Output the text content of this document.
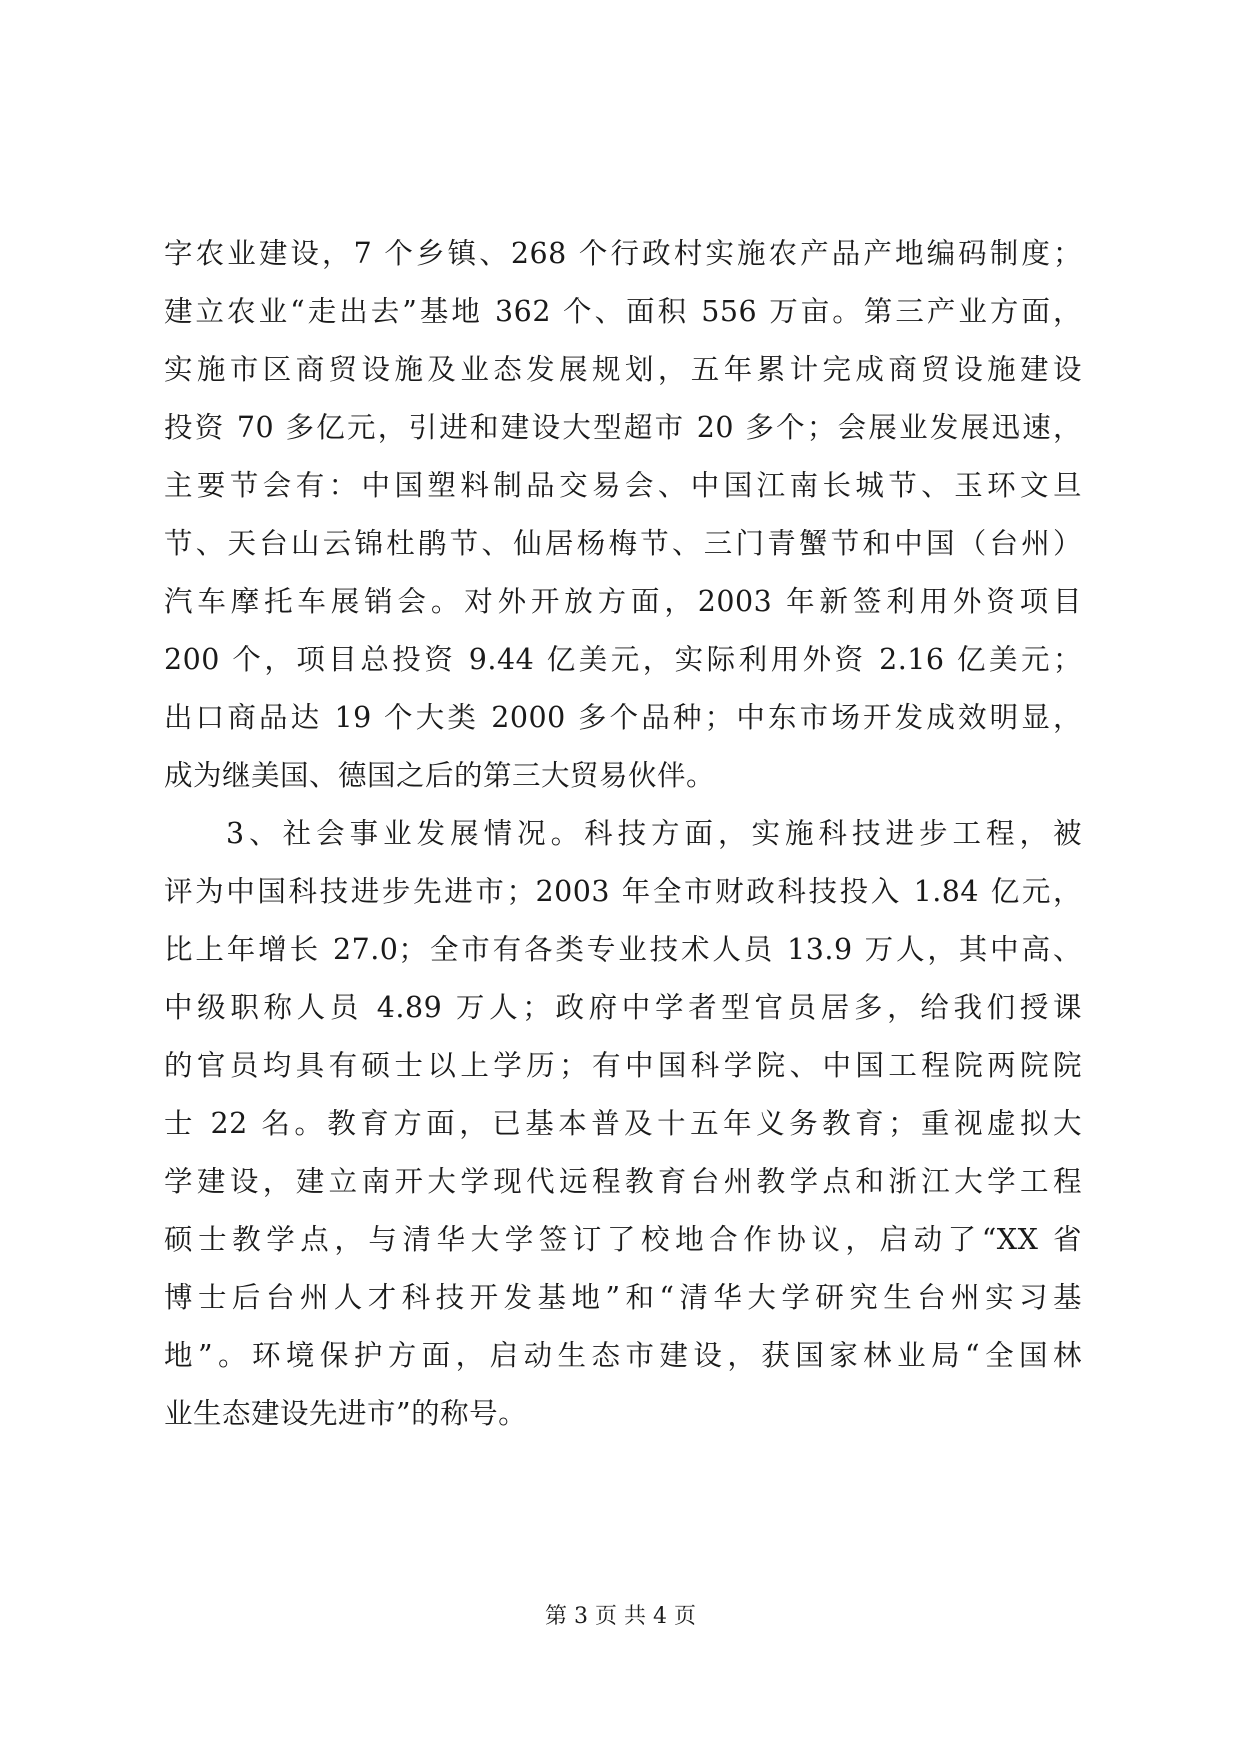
字农业建设，7 个乡镇、268 个行政村实施农产品产地编码制度；
建立农业“走出去”基地 362 个、面积 556 万亩。第三产业方面，
实施市区商贸设施及业态发展规划，五年累计完成商贸设施建设
投资 70 多亿元，引进和建设大型超市 20 多个；会展业发展迅速，
主要节会有：中国塑料制品交易会、中国江南长城节、玉环文旦
节、天台山云锦杜鹃节、仙居杨梅节、三门青蟹节和中国（台州）
汽车摩托车展销会。对外开放方面，2003 年新签利用外资项目
200 个，项目总投资 9.44 亿美元，实际利用外资 2.16 亿美元；
出口商品达 19 个大类 2000 多个品种；中东市场开发成效明显，
成为继美国、德国之后的第三大贸易伙伴。
3、社会事业发展情况。科技方面，实施科技进步工程，被
评为中国科技进步先进市；2003 年全市财政科技投入 1.84 亿元，
比上年增长 27.0；全市有各类专业技术人员 13.9 万人，其中高、
中级职称人员 4.89 万人；政府中学者型官员居多，给我们授课
的官员均具有硕士以上学历；有中国科学院、中国工程院两院院
士 22 名。教育方面，已基本普及十五年义务教育；重视虚拟大
学建设，建立南开大学现代远程教育台州教学点和浙江大学工程
硕士教学点，与清华大学签订了校地合作协议，启动了“XX 省
博士后台州人才科技开发基地”和“清华大学研究生台州实习基
地”。环境保护方面，启动生态市建设，获国家林业局“全国林
业生态建设先进市”的称号。
第 3 页 共 4 页
